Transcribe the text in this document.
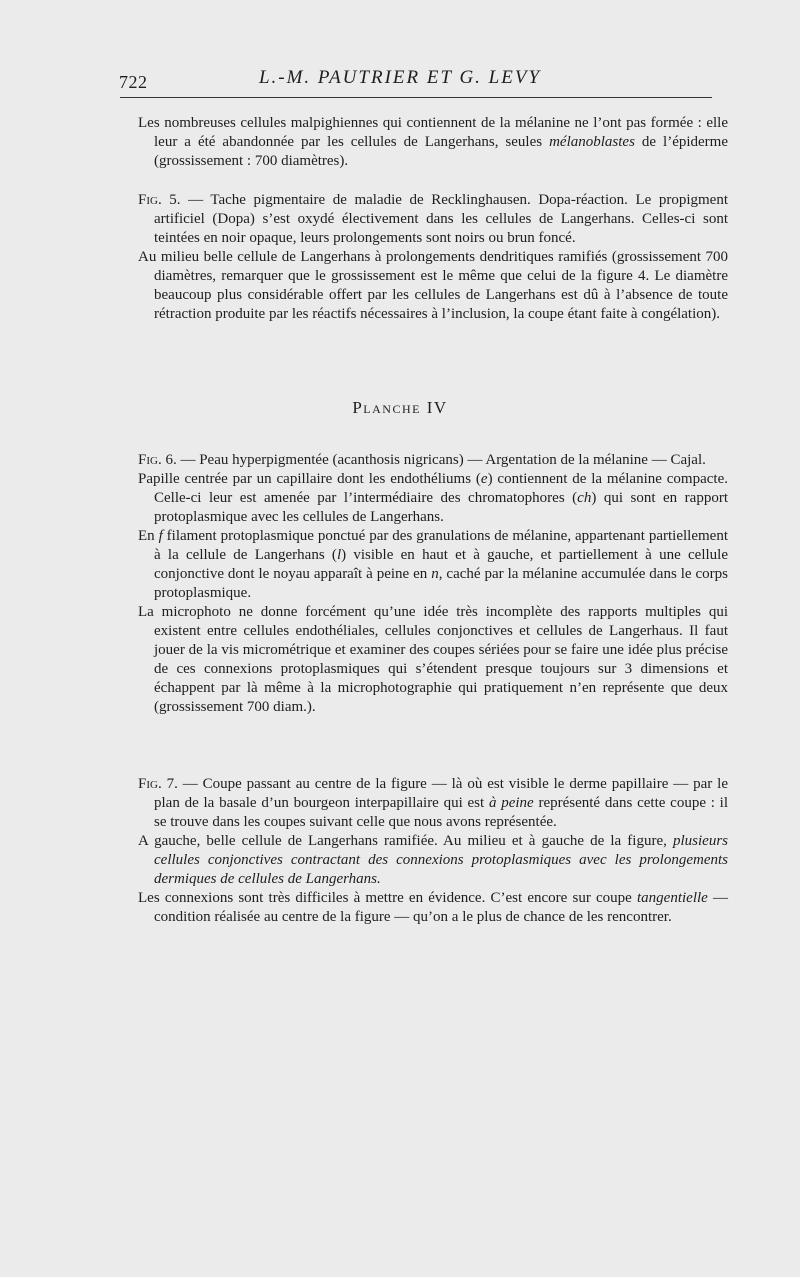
722	L.-M. PAUTRIER ET G. LEVY

Les nombreuses cellules malpighiennes qui contiennent de la mélanine ne l’ont pas formée : elle leur a été abandonnée par les cellules de Langerhans, seules mélanoblastes de l’épiderme (grossissement : 700 diamètres).

Fig. 5. — Tache pigmentaire de maladie de Recklinghausen. Dopa-réaction. Le propigment artificiel (Dopa) s’est oxydé électivement dans les cellules de Langerhans. Celles-ci sont teintées en noir opaque, leurs prolongements sont noirs ou brun foncé.

Au milieu belle cellule de Langerhans à prolongements dendritiques ramifiés (grossissement 700 diamètres, remarquer que le grossissement est le même que celui de la figure 4. Le diamètre beaucoup plus considérable offert par les cellules de Langerhans est dû à l’absence de toute rétraction produite par les réactifs nécessaires à l’inclusion, la coupe étant faite à congélation).

Planche IV

Fig. 6. — Peau hyperpigmentée (acanthosis nigricans) — Argentation de la mélanine — Cajal.

Papille centrée par un capillaire dont les endothéliums (e) contiennent de la mélanine compacte. Celle-ci leur est amenée par l’intermédiaire des chromatophores (ch) qui sont en rapport protoplasmique avec les cellules de Langerhans.

En f filament protoplasmique ponctué par des granulations de mélanine, appartenant partiellement à la cellule de Langerhans (l) visible en haut et à gauche, et partiellement à une cellule conjonctive dont le noyau apparaît à peine en n, caché par la mélanine accumulée dans le corps protoplasmique.

La microphoto ne donne forcément qu’une idée très incomplète des rapports multiples qui existent entre cellules endothéliales, cellules conjonctives et cellules de Langerhaus. Il faut jouer de la vis micrométrique et examiner des coupes sériées pour se faire une idée plus précise de ces connexions protoplasmiques qui s’étendent presque toujours sur 3 dimensions et échappent par là même à la microphotographie qui pratiquement n’en représente que deux (grossissement 700 diam.).

Fig. 7. — Coupe passant au centre de la figure — là où est visible le derme papillaire — par le plan de la basale d’un bourgeon interpapillaire qui est à peine représenté dans cette coupe : il se trouve dans les coupes suivant celle que nous avons représentée.

A gauche, belle cellule de Langerhans ramifiée. Au milieu et à gauche de la figure, plusieurs cellules conjonctives contractant des connexions protoplasmiques avec les prolongements dermiques de cellules de Langerhans.

Les connexions sont très difficiles à mettre en évidence. C’est encore sur coupe tangentielle — condition réalisée au centre de la figure — qu’on a le plus de chance de les rencontrer.
